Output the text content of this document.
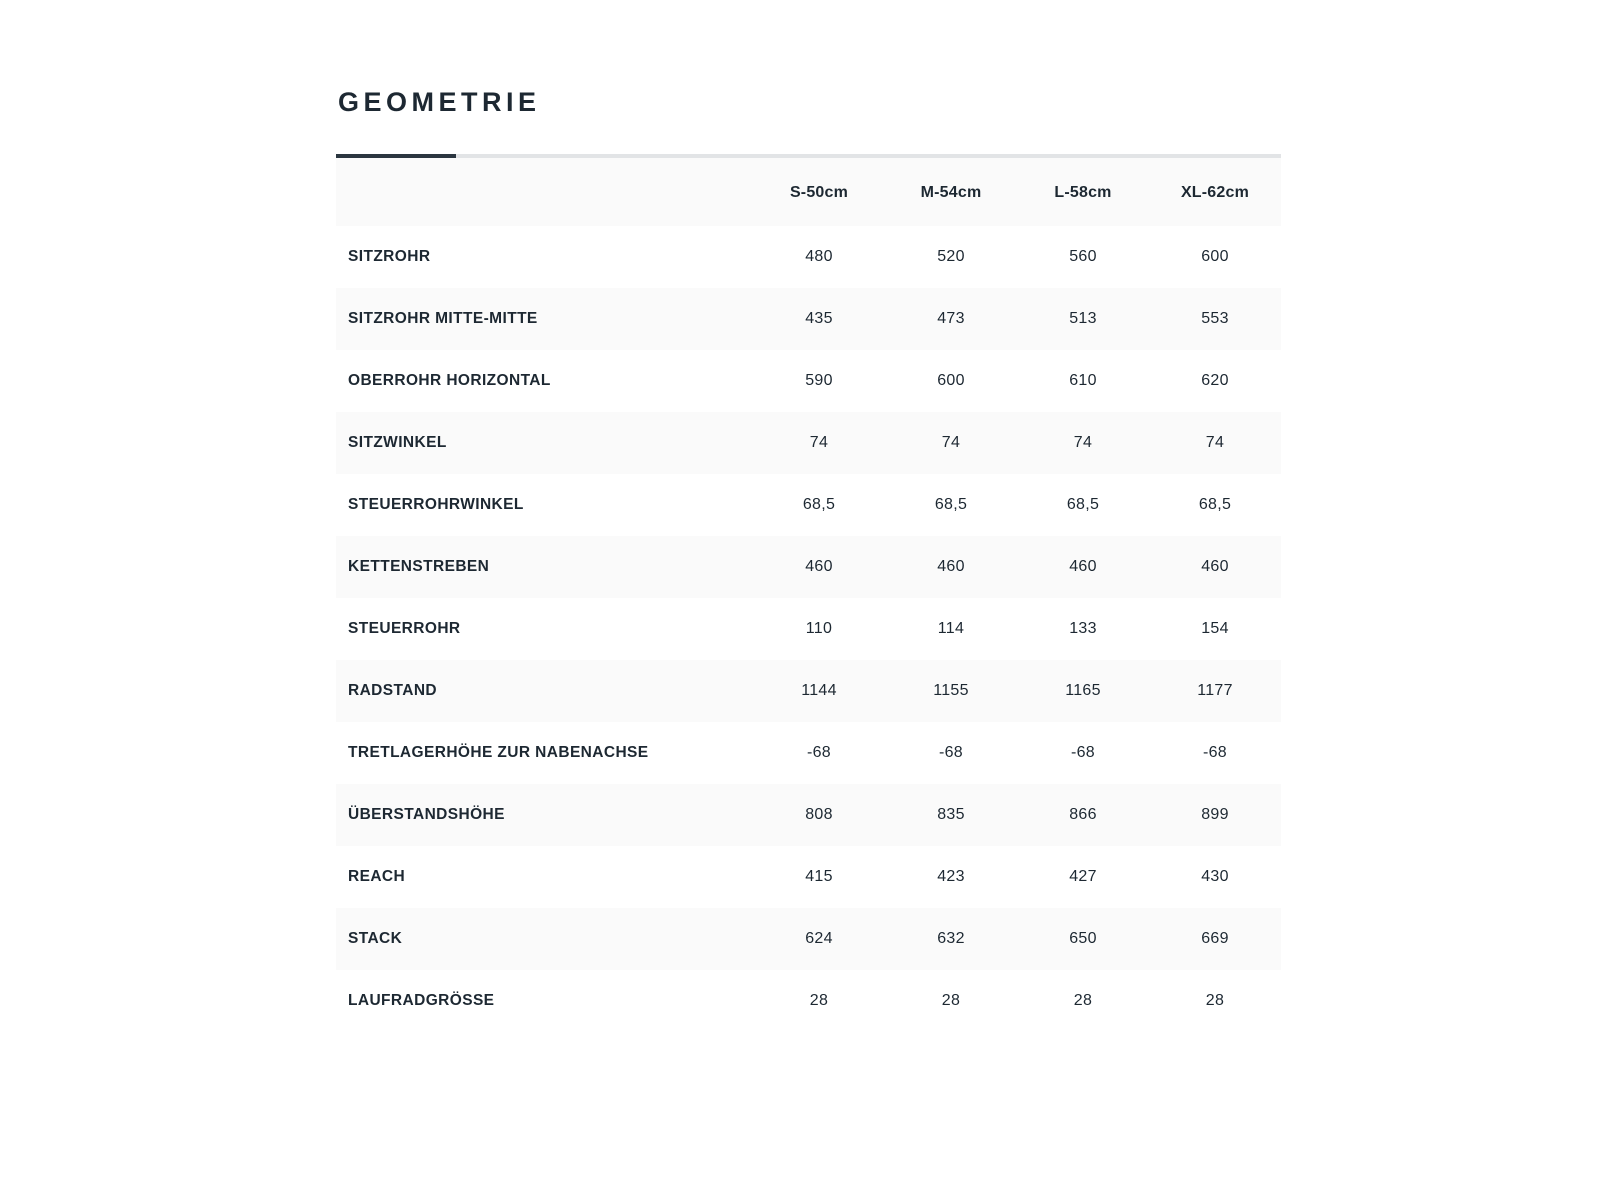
GEOMETRIE
	S-50cm	M-54cm	L-58cm	XL-62cm
SITZROHR	480	520	560	600
SITZROHR MITTE-MITTE	435	473	513	553
OBERROHR HORIZONTAL	590	600	610	620
SITZWINKEL	74	74	74	74
STEUERROHRWINKEL	68,5	68,5	68,5	68,5
KETTENSTREBEN	460	460	460	460
STEUERROHR	110	114	133	154
RADSTAND	1144	1155	1165	1177
TRETLAGERHÖHE ZUR NABENACHSE	-68	-68	-68	-68
ÜBERSTANDSHÖHE	808	835	866	899
REACH	415	423	427	430
STACK	624	632	650	669
LAUFRADGRÖSSE	28	28	28	28
